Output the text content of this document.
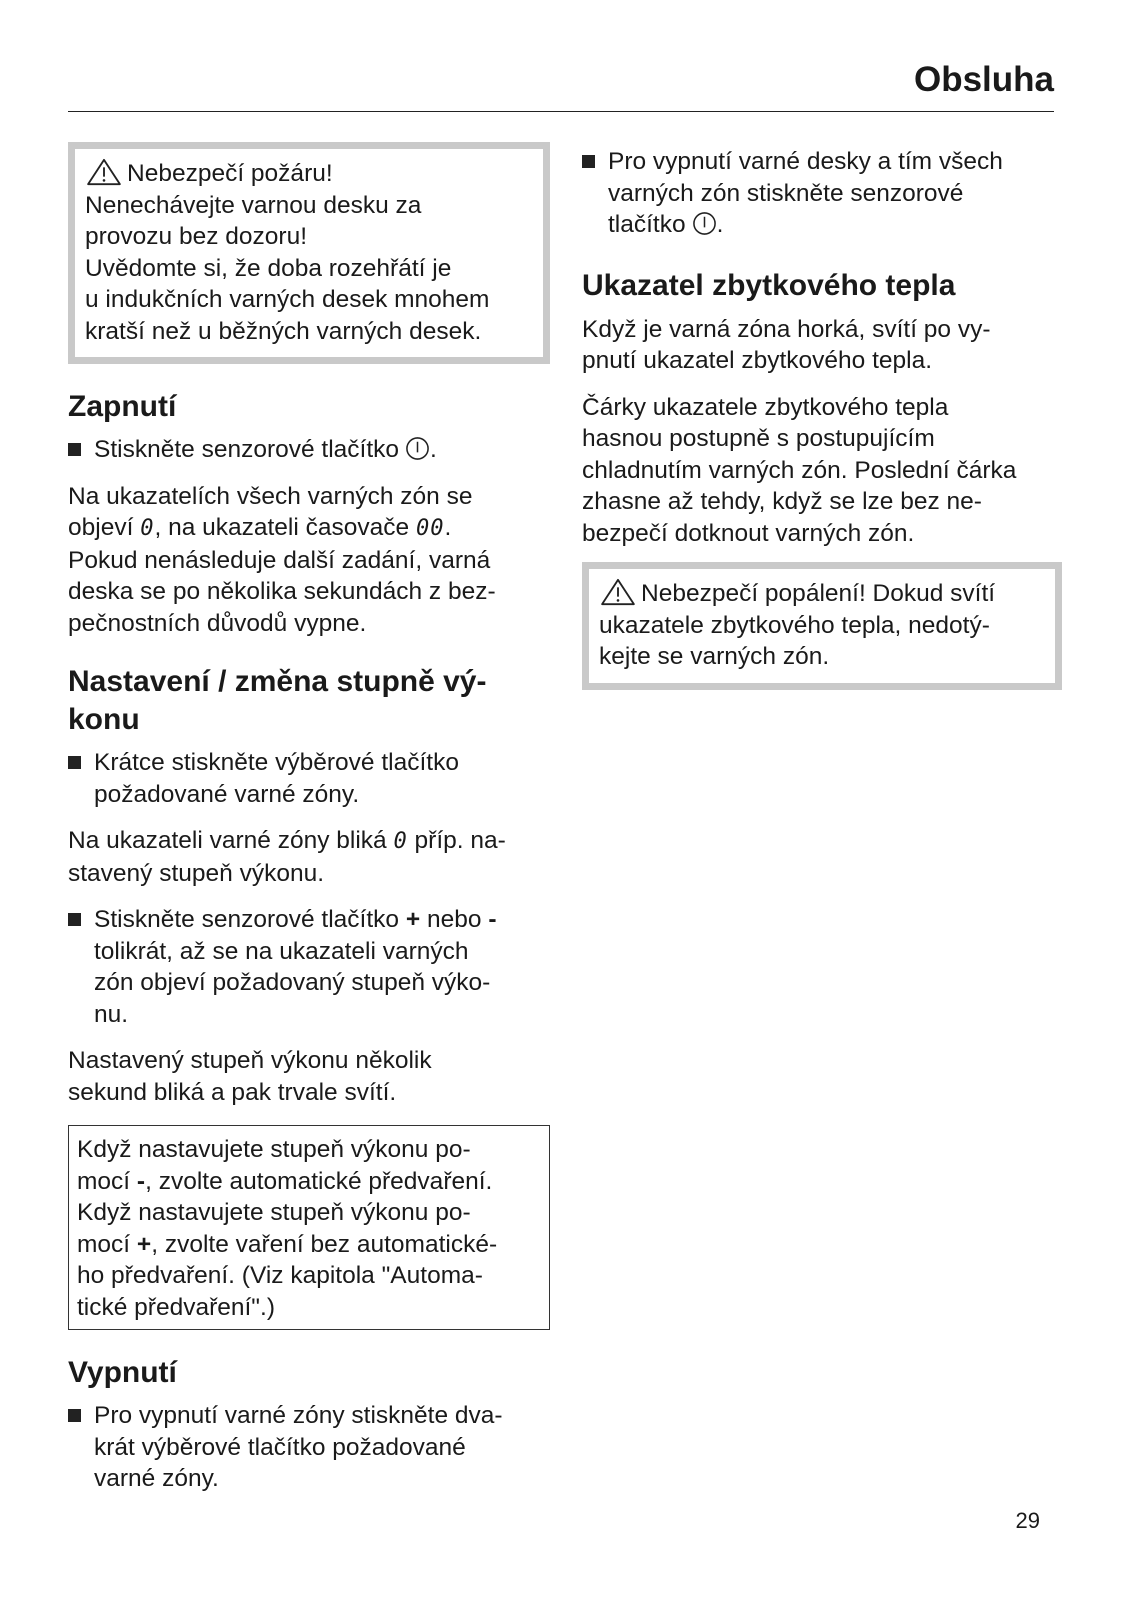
Obsluha
Nebezpečí požáru!
Nenechávejte varnou desku za
provozu bez dozoru!
Uvědomte si, že doba rozehřátí je
u indukčních varných desek mnohem
kratší než u běžných varných desek.
Zapnutí
Stiskněte senzorové tlačítko .
Na ukazatelích všech varných zón se
objeví 0, na ukazateli časovače 00.
Pokud nenásleduje další zadání, varná
deska se po několika sekundách z bez-
pečnostních důvodů vypne.
Nastavení / změna stupně vý-
konu
Krátce stiskněte výběrové tlačítko
požadované varné zóny.
Na ukazateli varné zóny bliká 0 příp. na-
stavený stupeň výkonu.
Stiskněte senzorové tlačítko + nebo -
tolikrát, až se na ukazateli varných
zón objeví požadovaný stupeň výko-
nu.
Nastavený stupeň výkonu několik
sekund bliká a pak trvale svítí.
Když nastavujete stupeň výkonu po-
mocí -, zvolte automatické předvaření.
Když nastavujete stupeň výkonu po-
mocí +, zvolte vaření bez automatické-
ho předvaření. (Viz kapitola "Automa-
tické předvaření".)
Vypnutí
Pro vypnutí varné zóny stiskněte dva-
krát výběrové tlačítko požadované
varné zóny.
Pro vypnutí varné desky a tím všech
varných zón stiskněte senzorové
tlačítko .
Ukazatel zbytkového tepla
Když je varná zóna horká, svítí po vy-
pnutí ukazatel zbytkového tepla.
Čárky ukazatele zbytkového tepla
hasnou postupně s postupujícím
chladnutím varných zón. Poslední čárka
zhasne až tehdy, když se lze bez ne-
bezpečí dotknout varných zón.
Nebezpečí popálení! Dokud svítí
ukazatele zbytkového tepla, nedotý-
kejte se varných zón.
29
